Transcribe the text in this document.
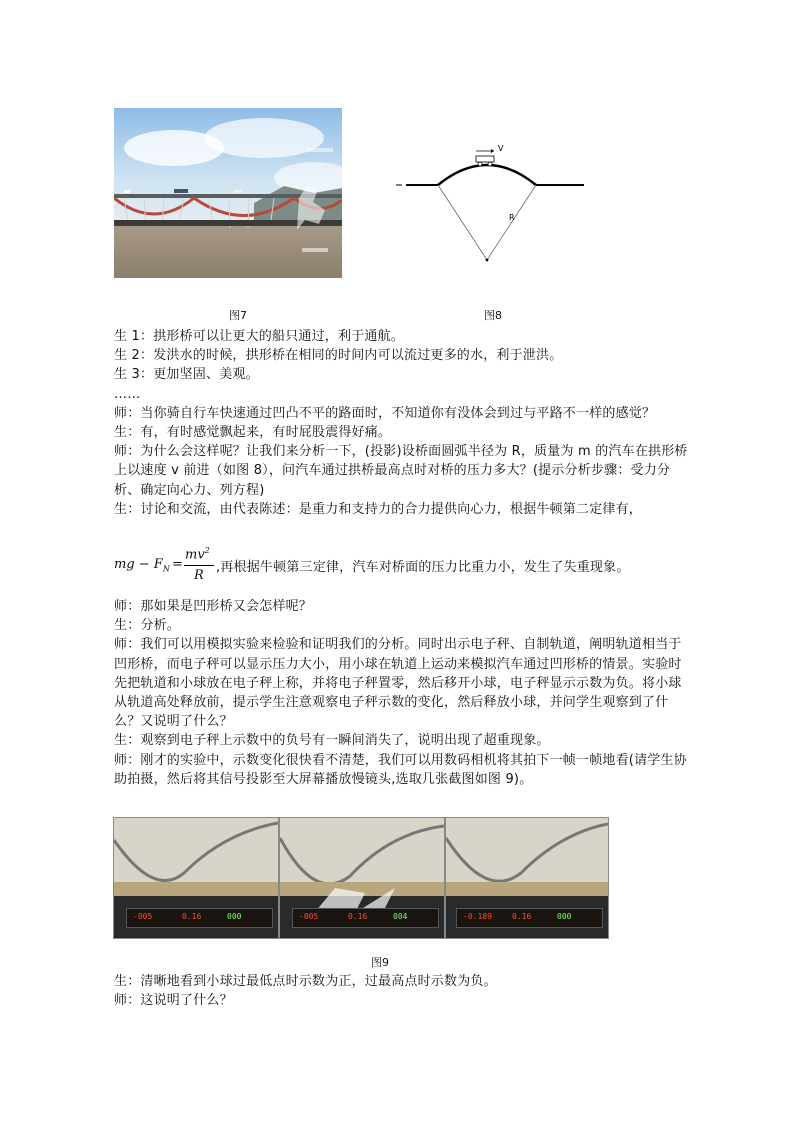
图7
V
R
图8
生 1：拱形桥可以让更大的船只通过，利于通航。
生 2：发洪水的时候，拱形桥在相同的时间内可以流过更多的水，利于泄洪。
生 3：更加坚固、美观。
……
师：当你骑自行车快速通过凹凸不平的路面时，不知道你有没体会到过与平路不一样的感觉？
生：有，有时感觉飘起来，有时屁股震得好痛。
师：为什么会这样呢？让我们来分析一下，(投影)设桥面圆弧半径为 R，质量为 m 的汽车在拱形桥上以速度 v 前进（如图 8），问汽车通过拱桥最高点时对桥的压力多大？(提示分析步骤：受力分析、确定向心力、列方程)
生：讨论和交流，由代表陈述：是重力和支持力的合力提供向心力，根据牛顿第二定律有，
mg − $F_N$ =
$mv^2$
R
,再根据牛顿第三定律，汽车对桥面的压力比重力小，发生了失重现象。
师：那如果是凹形桥又会怎样呢？
生：分析。
师：我们可以用模拟实验来检验和证明我们的分析。同时出示电子秤、自制轨道，阐明轨道相当于凹形桥，而电子秤可以显示压力大小，用小球在轨道上运动来模拟汽车通过凹形桥的情景。实验时先把轨道和小球放在电子秤上称，并将电子秤置零，然后移开小球，电子秤显示示数为负。将小球从轨道高处释放前，提示学生注意观察电子秤示数的变化，然后释放小球，并问学生观察到了什么？又说明了什么？
生：观察到电子秤上示数中的负号有一瞬间消失了，说明出现了超重现象。
师：刚才的实验中，示数变化很快看不清楚，我们可以用数码相机将其拍下一帧一帧地看(请学生协助拍摄，然后将其信号投影至大屏幕播放慢镜头,选取几张截图如图 9)。
-005	0.16	000	-005	0.16	004	-0.189	0.16	000
图9
生：清晰地看到小球过最低点时示数为正，过最高点时示数为负。
师：这说明了什么？
